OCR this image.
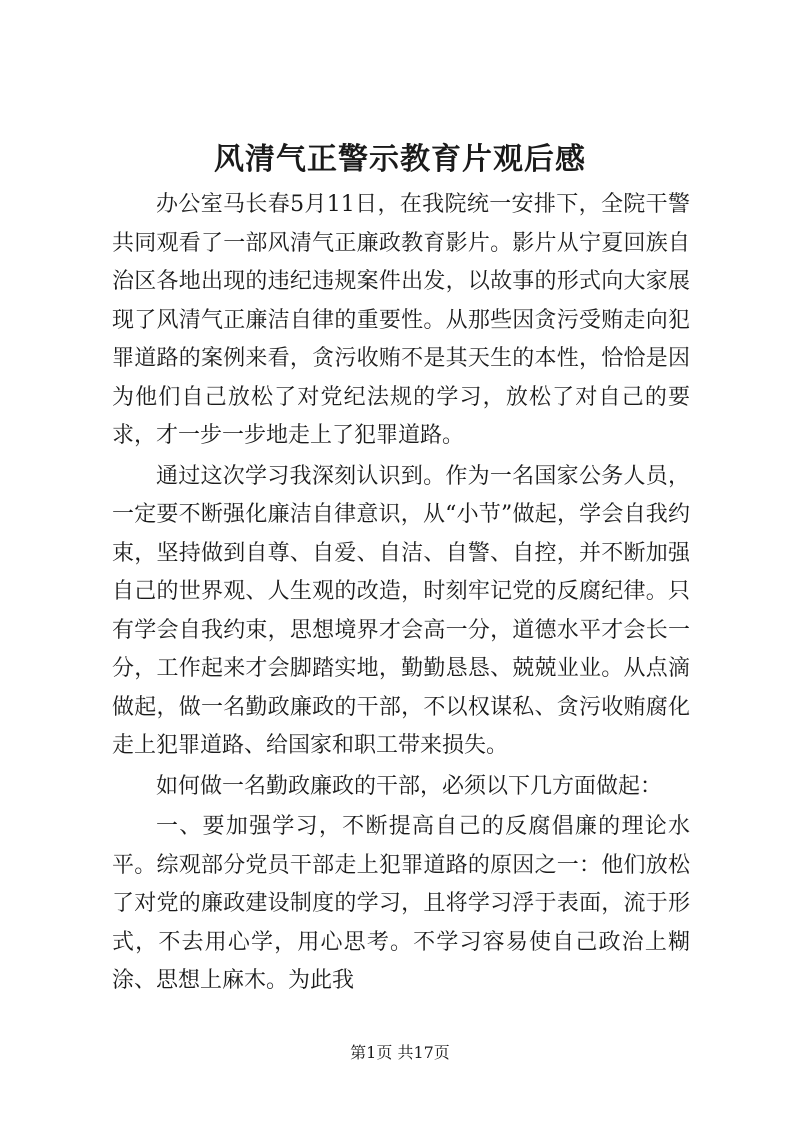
风清气正警示教育片观后感

办公室马长春5月11日，在我院统一安排下，全院干警共同观看了一部风清气正廉政教育影片。影片从宁夏回族自治区各地出现的违纪违规案件出发，以故事的形式向大家展现了风清气正廉洁自律的重要性。从那些因贪污受贿走向犯罪道路的案例来看，贪污收贿不是其天生的本性，恰恰是因为他们自己放松了对党纪法规的学习，放松了对自己的要求，才一步一步地走上了犯罪道路。

通过这次学习我深刻认识到。作为一名国家公务人员，一定要不断强化廉洁自律意识，从“小节”做起，学会自我约束，坚持做到自尊、自爱、自洁、自警、自控，并不断加强自己的世界观、人生观的改造，时刻牢记党的反腐纪律。只有学会自我约束，思想境界才会高一分，道德水平才会长一分，工作起来才会脚踏实地，勤勤恳恳、兢兢业业。从点滴做起，做一名勤政廉政的干部，不以权谋私、贪污收贿腐化走上犯罪道路、给国家和职工带来损失。

如何做一名勤政廉政的干部，必须以下几方面做起：

一、要加强学习，不断提高自己的反腐倡廉的理论水平。综观部分党员干部走上犯罪道路的原因之一：他们放松了对党的廉政建设制度的学习，且将学习浮于表面，流于形式，不去用心学，用心思考。不学习容易使自己政治上糊涂、思想上麻木。为此我

第1页 共17页
